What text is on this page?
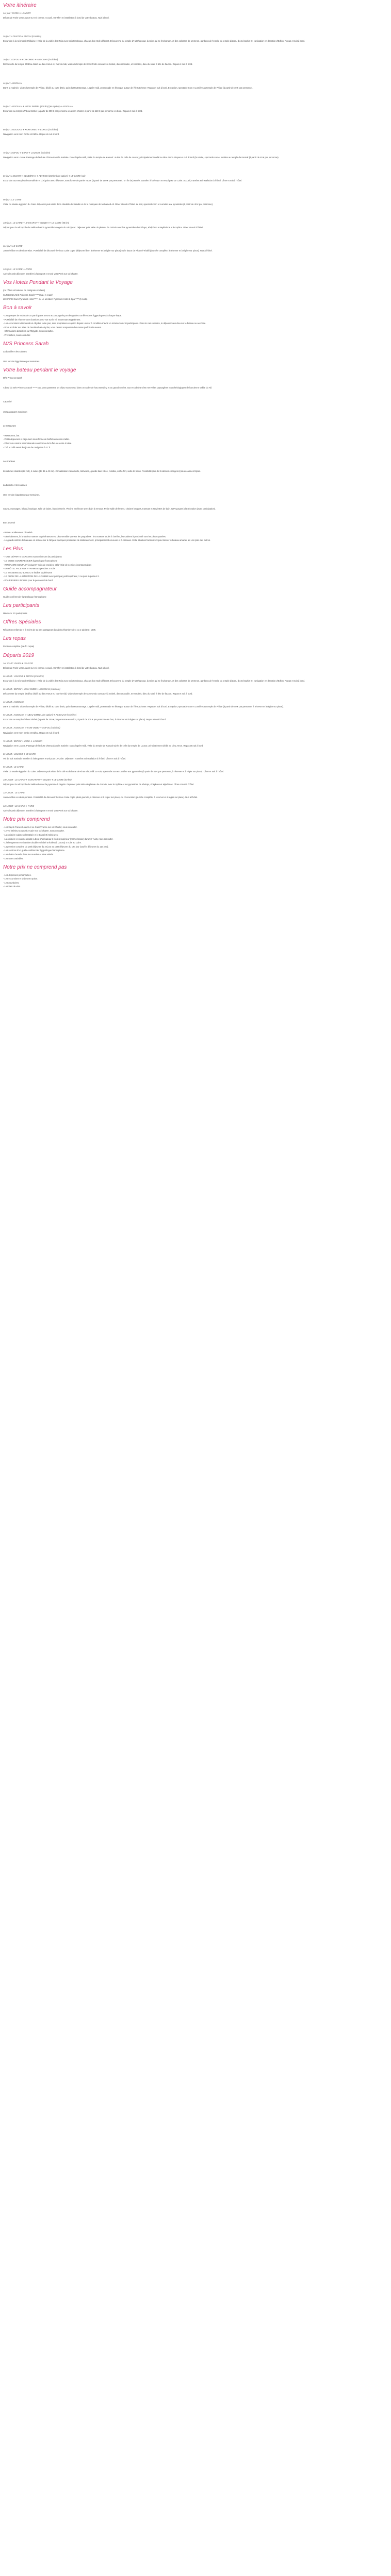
Votre itinéraire
1er jour : PARIS ✈ LOUXOR

Départ de Paris vers Louxor sur vol charter. Accueil, transfert et installation à bord de votre bateau. Nuit à bord.

2e jour : LOUXOR ✈ EDFOU (croisière)

Excursion à la nécropole thébaine : visite de la vallée des Rois avec trois tombeaux, chacun d'un style différent. Découverte du temple d'Hatshepsout, la reine qui se fit pharaon, et des colosses de Memnon, gardiens de l'entrée du temple disparu d'Aménophis III. Navigation en direction d'Edfou. Repas et nuit à bord.

3e jour : EDFOU ✈ KOM OMBO ✈ ASSOUAN (croisière)

Découverte du temple d'Edfou dédié au dieu Horus et, l'après-midi, visite du temple de Kom Ombo consacré à Sobek, dieu crocodile, et Haroéris, dieu du soleil à tête de faucon. Repas et nuit à bord.

4e jour : ASSOUAN

Dans la matinée, visite du temple de Philae, dédié au culte d'Isis, puis du Haut Barrage. L'après-midi, promenade en felouque autour de l'île Kitchener. Repas et nuit à bord. En option, spectacle Son et Lumière au temple de Philae (à partir de 40 € par personne).

5e jour : ASSOUAN ✈ ABOU SIMBEL (500 km) (en option) ✈ ASSOUAN

Excursion au temple d'Abou Simbel (à partir de 300 € par personne en avion charter, à partir de 110 € par personne en bus). Repas et nuit à bord.

6e jour : ASSOUAN ✈ KOM OMBO ✈ EDFOU (croisière)

Navigation vers Kom Ombo et Edfou. Repas et nuit à bord.

7e jour : EDFOU ✈ ESNA ✈ LOUXOR (croisière)

Navigation vers Louxor. Passage de l'écluse d'Esna dans la matinée. Dans l'après-midi, visite du temple de Karnak : suivie de celle de Louxor, principalement dédié au dieu Amon. Repas et nuit à bord (la soirée, spectacle son et lumière au temple de Karnak (à partir de 40 € par personne).

8e jour : LOUXOR ✈ DENDÉRAH ✈ ABYDOS (360 km) (en option) ✈ LE CAIRE (vol)

Excursion aux temples de Dendérah et d'Abydos avec déjeuner, sous forme de panier repas (à partir de 150 € par personne). En fin de journée, transfert à l'aéroport et envol pour Le Caire. Accueil, transfert et installation à l'hôtel. Dîner et nuit à l'hôtel.

9e jour : LE CAIRE

Visite du Musée égyptien du Caire. Déjeuner puis visite de la citadelle de Saladin et de la mosquée de Mohamed Ali. Dîner et nuit à l'hôtel. Le soir, spectacle Son et Lumière aux pyramides (à partir de 40 € par personne).

10e jour : LE CAIRE ✈ SAKKARAH ✈ GUIZEH ✈ LE CAIRE (50 km)

Départ pour la nécropole de Sakkarah et la pyramide à degrés du roi Djoser. Déjeuner puis visite du plateau de Guizeh avec les pyramides de Khéops, Khéphren et Mykérinos et le Sphinx. Dîner et nuit à l'hôtel.

11e jour : LE CAIRE

Journée libre en demi-pension. Possibilité de découvrir le vieux Caire copte (déjeuner libre, à réserver et à régler sur place) ou le bazar de Khan el-Khalili (journée complète, à réserver et à régler sur place). Nuit à l'hôtel.

12e jour : LE CAIRE ✈ PARIS

Après le petit déjeuner, transfert à l'aéroport et envol vers Paris sur vol charter.

Vos Hotels Pendant le Voyage

(ou hôtels et bateaux de catégorie similaire)

SUR LE NIL M/S Princess Sarah***** (sup. in ready)
LE CAIRE Cairo Pyramids Hotel***** ou Le Meridien Pyramids Hotel & Spa***** (5 nuits)
Bon à savoir
- Les groupes de moins de 10 participants seront accompagnés par des guides conférenciers égyptologues à chaque étape.
- Possibilité de réserver une chambre avec vue sur le Nil moyennant supplément.
- Les excursions à Dendérah et Abydos, la 8e jour, sont proposées en option depuis Louxor à condition d'avoir un minimum de 10 participants. Dans le cas contraire, le déjeuner aura lieu sur le bateau ou au Caire.
- Pour accéder aux sites de Dendérah et Abydos, vous devrez emprunter des routes parfois sinueuses.
- Informations détaillées sur l'Égypte, nous consulter.
- Pré-tarifiés, nous consulter.
M/S Princess Sarah

La bataille et les cabines

Une version égyptienne par semaines.

Votre bateau pendant le voyage

M/S Princess Sarah

A bord du M/S Princess Sarah ***** sup, vous passerez un séjour sans souci dans un cadre de haut standing et au grand confort, tout en admirant les merveilles paysagères et archéologiques de l'ancienne vallée du Nil.

Capacité

150 passagers maximum

Le restaurant

- Restaurant, bar.
- Petits déjeuners et déjeuners sous forme de buffet ou servis à table.
- Dîners de cuisine internationale sous forme de buffet ou servis à table.
- Thé et café servis les jours de navigation à 17 h.

Les Cabines

66 cabines doubles (22 m2), 4 suites (de 32 à 42 m2). Climatisation individuelle, télévision, grande baie vitrée, minibar, coffre-fort, salle de bains. Possibilité (sur de 8 cabines étrangères) deux cabines triples.

La bataille et les cabines

Une version égyptienne par semaines.

Sauna, massages, billard, boutique, salle de bains, blanchisserie. Piscine extérieure avec bain à remous. Petite salle de fitness, chaises longues, transats et serviettes de bain. WIFI payant à la réception (avec participation).

Bon à savoir

- Bateau entièrement climatisé.
- Généralement, le bruit des moteurs et générateurs est plus sensible que sur les paquebots : les moteurs situés à l'arrière, les cabines à proximité sont les plus exposées.
- Le grand nombre de bateaux en service sur le Nil peut quelques problèmes de stationnement, principalement à Louxor et à Assouan. Cette situation fait souvent pour laisser le bateau amarrer les uns près des autres.
Les Plus
- TOUS DÉPARTS GARANTIS sans minimum de participants
- LE GUIDE CONFÉRENCIER égyptologue francophone
- ITINÉRAIRE COMPLET incluant 7 nuits de croisière et la visite de 14 sites incontournables
- UN HÔTEL FACE AUX PYRAMIDES pendant 4 nuits
- LE STANDING DU BATEAU 5 étoiles supérieures
- LE CHOIX DE LA SITUATION DE LA CABINE avec principal, petit supérieur, 1 ou pont supérieur 2.
- POURBOIRES INCLUS pour le personnel de bord.
Guide accompagnateur

Guide conférencier égyptologue francophone

Les participants

Minimum: 10 participants

Offres Spéciales

Réduction enfant de 4 à moins de 12 ans partageant la cabine/chambre de 1 ou 2 adultes : 100€.

Les repas

Pension complète (sauf 1 repas)

Départs 2019
1er JOUR : PARIS ✈ LOUXOR

Départ de Paris vers Louxor sur vol charter. Accueil, transfert et installation à bord de votre bateau. Nuit à bord.

2e JOUR : LOUXOR ✈ EDFOU (croisière)

Excursion à la nécropole thébaine : visite de la vallée des Rois avec trois tombeaux, chacun d'un style différent. Découverte du temple d'Hatshepsout, la reine qui se fit pharaon, et des colosses de Memnon, gardiens de l'entrée du temple disparu d'Aménophis III. Navigation en direction d'Edfou. Repas et nuit à bord.

3e JOUR : EDFOU ✈ KOM OMBO ✈ ASSOUAN (croisière)

Découverte du temple d'Edfou dédié au dieu Horus et, l'après-midi, visite du temple de Kom Ombo consacré à Sobek, dieu crocodile, et Haroéris, dieu du soleil à tête de faucon. Repas et nuit à bord.

4e JOUR : ASSOUAN

Dans la matinée, visite du temple de Philae, dédié au culte d'Isis, puis du Haut Barrage. L'après-midi, promenade en felouque autour de l'île Kitchener. Repas et nuit à bord. En option, spectacle Son et Lumière au temple de Philae (à partir de 40 € par personne, à réserver et à régler sur place).

5e JOUR : ASSOUAN ✈ ABOU SIMBEL (en option) ✈ ASSOUAN (croisière)

Excursion au temple d'Abou Simbel (à partir de 300 € par personne en avion, à partir de 100 € par personne en bus, à réserver et à régler sur place). Repas et nuit à bord.

6e JOUR : ASSOUAN ✈ KOM OMBO ✈ EDFOU (croisière)

Navigation vers Kom Ombo et Edfou. Repas et nuit à bord.

7e JOUR : EDFOU ✈ ESNA ✈ LOUXOR

Navigation vers Louxor. Passage de l'écluse d'Esna dans la matinée. Dans l'après-midi, visite du temple de Karnak suivie de celle du temple de Louxor, principalement dédié au dieu Amon. Repas et nuit à bord.

8e JOUR : LOUXOR ✈ LE CAIRE

Vol de nuit matinale transfert à l'aéroport et envol pour Le Caire. Déjeuner. Transfert et installation à l'hôtel. Dîner et nuit à l'hôtel.

9e JOUR : LE CAIRE

Visite du Musée égyptien du Caire. Déjeuner puis visite de la cité et du bazar de Khan el-Khalili. Le soir, spectacle Son et Lumière aux pyramides (à partir de 40 € par personne, à réserver et à régler sur place). Dîner et nuit à l'hôtel.

10e JOUR : LE CAIRE ✈ SAKKARAH ✈ GUIZEH ✈ LE CAIRE (50 km)

Départ pour la nécropole de Sakkarah avec la pyramide à degrés. Déjeuner puis visite du plateau de Guizeh, avec le Sphinx et les pyramides de Khéops, Khéphren et Mykérinos. Dîner et nuit à l'hôtel.

11e JOUR : LE CAIRE

Journée libre en demi-pension. Possibilité de découvrir le vieux Caire copte (demi-journée, à réserver et à régler sur place) ou d'excursion (journée complète, à réserver et à régler sur place). Nuit à l'hôtel.

12e JOUR : LE CAIRE ✈ PARIS

Après le petit déjeuner, transfert à l'aéroport et envol vers Paris sur vol charter.

Notre prix comprend
- Les trajets France/Louxor et Le Caire/France sur vol charter, nous consulter.
- Le vol intérieur Louxor/Le Caire sur vol charter, nous consulter.
- La croisière cabines climatisée et le transfert intérieures.
- La croisière en cabine double à bord d'un bateau 5 étoiles supérieur (norme locale) durant 7 nuits, nous consulter.
- L'hébergement en chambre double en hôtel 5 étoiles (à Louxor) 4 nuits au Caire.
- La pension complète du petit déjeuner du 2e jour au petit déjeuner du 12e jour (sauf le déjeuner du 11e jour).
- Les services d'un guide conférencier égyptologue francophone.
- Les droits d'entrée dans les musées et sites visités.
- Les taxes variables.
Notre prix ne comprend pas
- Les dépenses personnelles.
- Les excursions et visites en option.
- Les pourboires.
- Les frais de visa.
